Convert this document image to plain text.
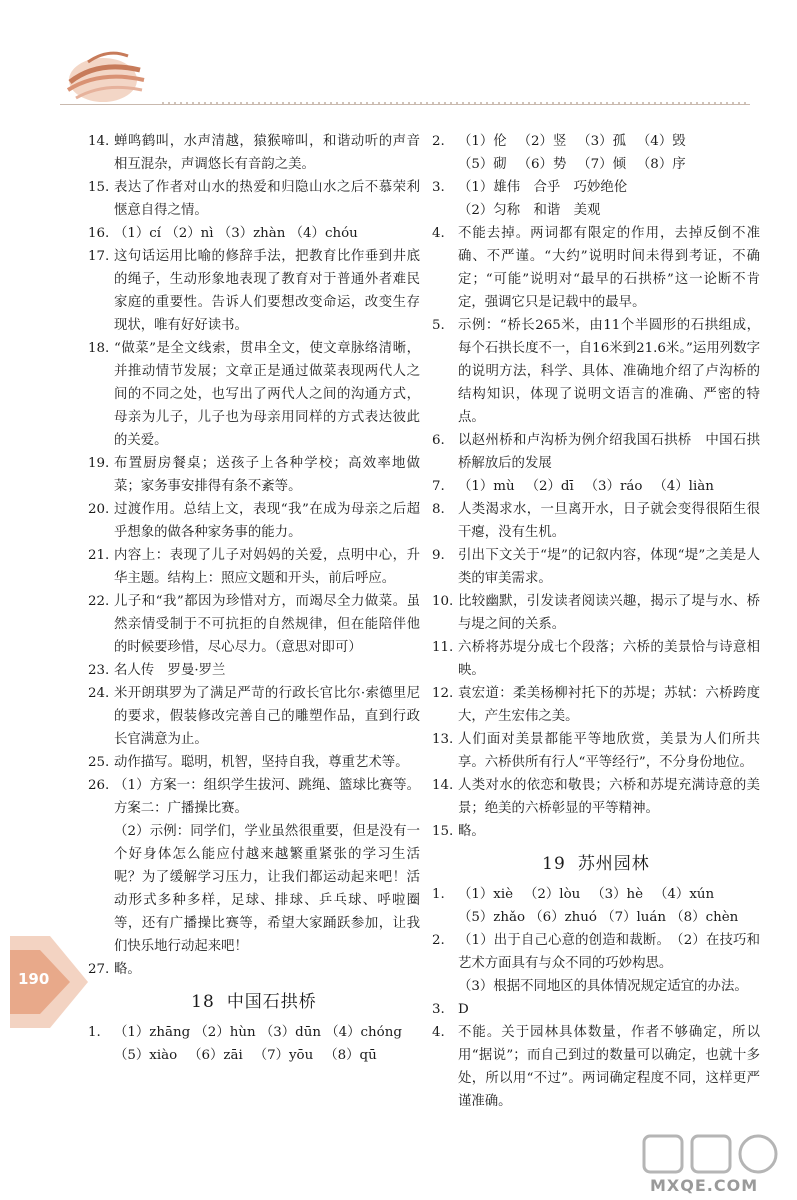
14. 蝉鸣鹤叫，水声清越，猿猴啼叫，和谐动听的声音相互混杂，声调悠长有音韵之美。
15. 表达了作者对山水的热爱和归隐山水之后不慕荣利惬意自得之情。
16. （1）cí （2）nì （3）zhàn （4）chóu
17. 这句话运用比喻的修辞手法，把教育比作垂到井底的绳子，生动形象地表现了教育对于普通外者难民家庭的重要性。告诉人们要想改变命运，改变生存现状，唯有好好读书。
18. “做菜”是全文线索，贯串全文，使文章脉络清晰，并推动情节发展；文章正是通过做菜表现两代人之间的不同之处，也写出了两代人之间的沟通方式，母亲为儿子，儿子也为母亲用同样的方式表达彼此的关爱。
19. 布置厨房餐桌；送孩子上各种学校；高效率地做菜；家务事安排得有条不紊等。
20. 过渡作用。总结上文，表现“我”在成为母亲之后超乎想象的做各种家务事的能力。
21. 内容上：表现了儿子对妈妈的关爱，点明中心，升华主题。结构上：照应文题和开头，前后呼应。
22. 儿子和“我”都因为珍惜对方，而竭尽全力做菜。虽然亲情受制于不可抗拒的自然规律，但在能陪伴他的时候要珍惜，尽心尽力。（意思对即可）
23. 名人传　罗曼·罗兰
24. 米开朗琪罗为了满足严苛的行政长官比尔·索德里尼的要求，假装修改完善自己的雕塑作品，直到行政长官满意为止。
25. 动作描写。聪明，机智，坚持自我，尊重艺术等。
26. （1）方案一：组织学生拔河、跳绳、篮球比赛等。方案二：广播操比赛。
（2）示例：同学们，学业虽然很重要，但是没有一个好身体怎么能应付越来越繁重紧张的学习生活呢？为了缓解学习压力，让我们都运动起来吧！活动形式多种多样，足球、排球、乒乓球、呼啦圈等，还有广播操比赛等，希望大家踊跃参加，让我们快乐地行动起来吧！
27. 略。
18 中国石拱桥
1. （1）zhāng （2）hùn （3）dūn （4）chóng
（5）xiào 　（6）zāi 　（7）yōu 　（8）qū
2. （1）伦 　（2）竖 　（3）孤 　（4）毁
（5）砌 　（6）势 　（7）倾 　（8）序
3. （1）雄伟　合乎　巧妙绝伦
（2）匀称　和谐　美观
4. 不能去掉。两词都有限定的作用，去掉反倒不准确、不严谨。“大约”说明时间未得到考证，不确定；“可能”说明对“最早的石拱桥”这一论断不肯定，强调它只是记载中的最早。
5. 示例：“桥长265米，由11个半圆形的石拱组成，每个石拱长度不一，自16米到21.6米。”运用列数字的说明方法，科学、具体、准确地介绍了卢沟桥的结构知识，体现了说明文语言的准确、严密的特点。
6. 以赵州桥和卢沟桥为例介绍我国石拱桥　中国石拱桥解放后的发展
7. （1）mù 　（2）dī 　（3）ráo 　（4）liàn
8. 人类渴求水，一旦离开水，日子就会变得很陌生很干瘪，没有生机。
9. 引出下文关于“堤”的记叙内容，体现“堤”之美是人类的审美需求。
10. 比较幽默，引发读者阅读兴趣，揭示了堤与水、桥与堤之间的关系。
11. 六桥将苏堤分成七个段落；六桥的美景恰与诗意相映。
12. 袁宏道：柔美杨柳衬托下的苏堤；苏轼：六桥跨度大，产生宏伟之美。
13. 人们面对美景都能平等地欣赏，美景为人们所共享。六桥供所有行人“平等经行”，不分身份地位。
14. 人类对水的依恋和敬畏；六桥和苏堤充满诗意的美景；绝美的六桥彰显的平等精神。
15. 略。
19 苏州园林
1. （1）xiè 　（2）lòu 　（3）hè 　（4）xún
（5）zhǎo （6）zhuó （7）luán （8）chèn
2. （1）出于自己心意的创造和裁断。　（2）在技巧和艺术方面具有与众不同的巧妙构思。
（3）根据不同地区的具体情况规定适宜的办法。
3. D
4. 不能。关于园林具体数量，作者不够确定，所以用“据说”；而自己到过的数量可以确定，也就十多处，所以用“不过”。两词确定程度不同，这样更严谨准确。
190
MXQE.COM
